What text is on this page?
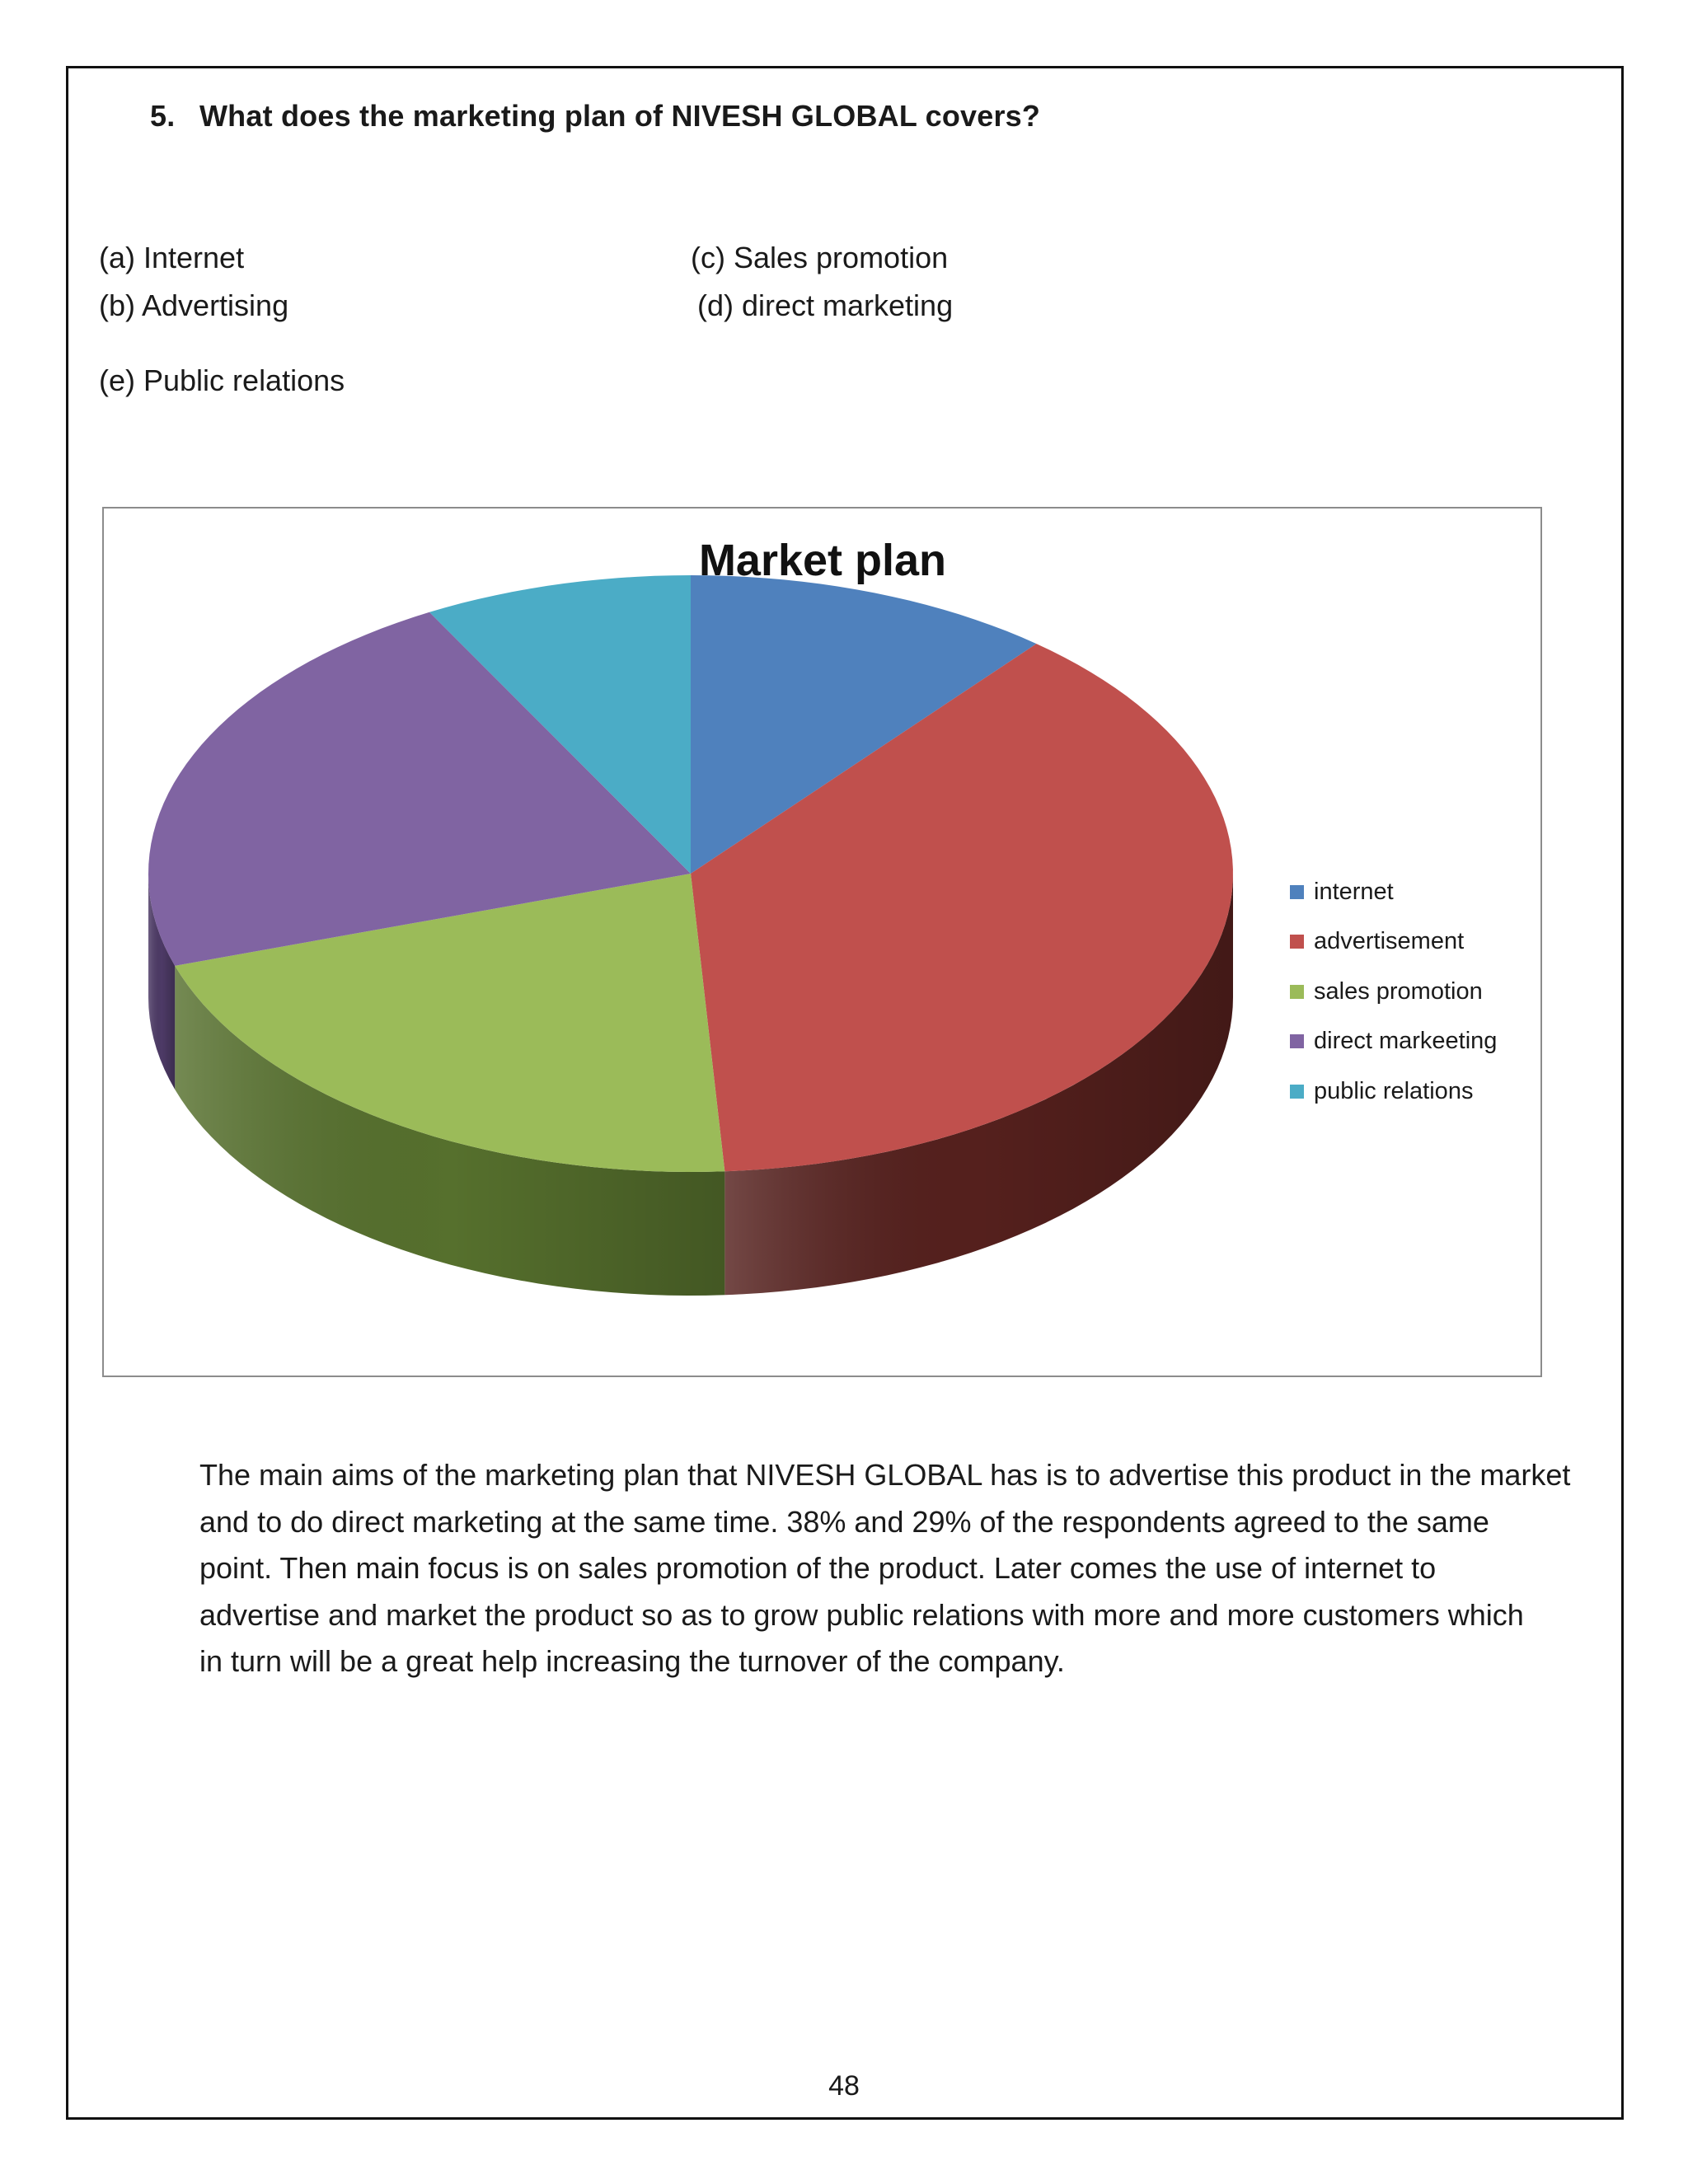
5. What does the marketing plan of NIVESH GLOBAL covers?
(a) Internet
(b) Advertising
(c) Sales promotion
(d) direct marketing
(e) Public relations
Market plan
internet
advertisement
sales promotion
direct markeeting
public relations
The main aims of the marketing plan that NIVESH GLOBAL has is to advertise this product in the market
and to do direct marketing at the same time. 38% and 29% of the respondents agreed to the same
point. Then main focus is on sales promotion of the product. Later comes the use of internet to
advertise and market the product so as to grow public relations with more and more customers which
in turn will be a great help increasing the turnover of the company.
48
